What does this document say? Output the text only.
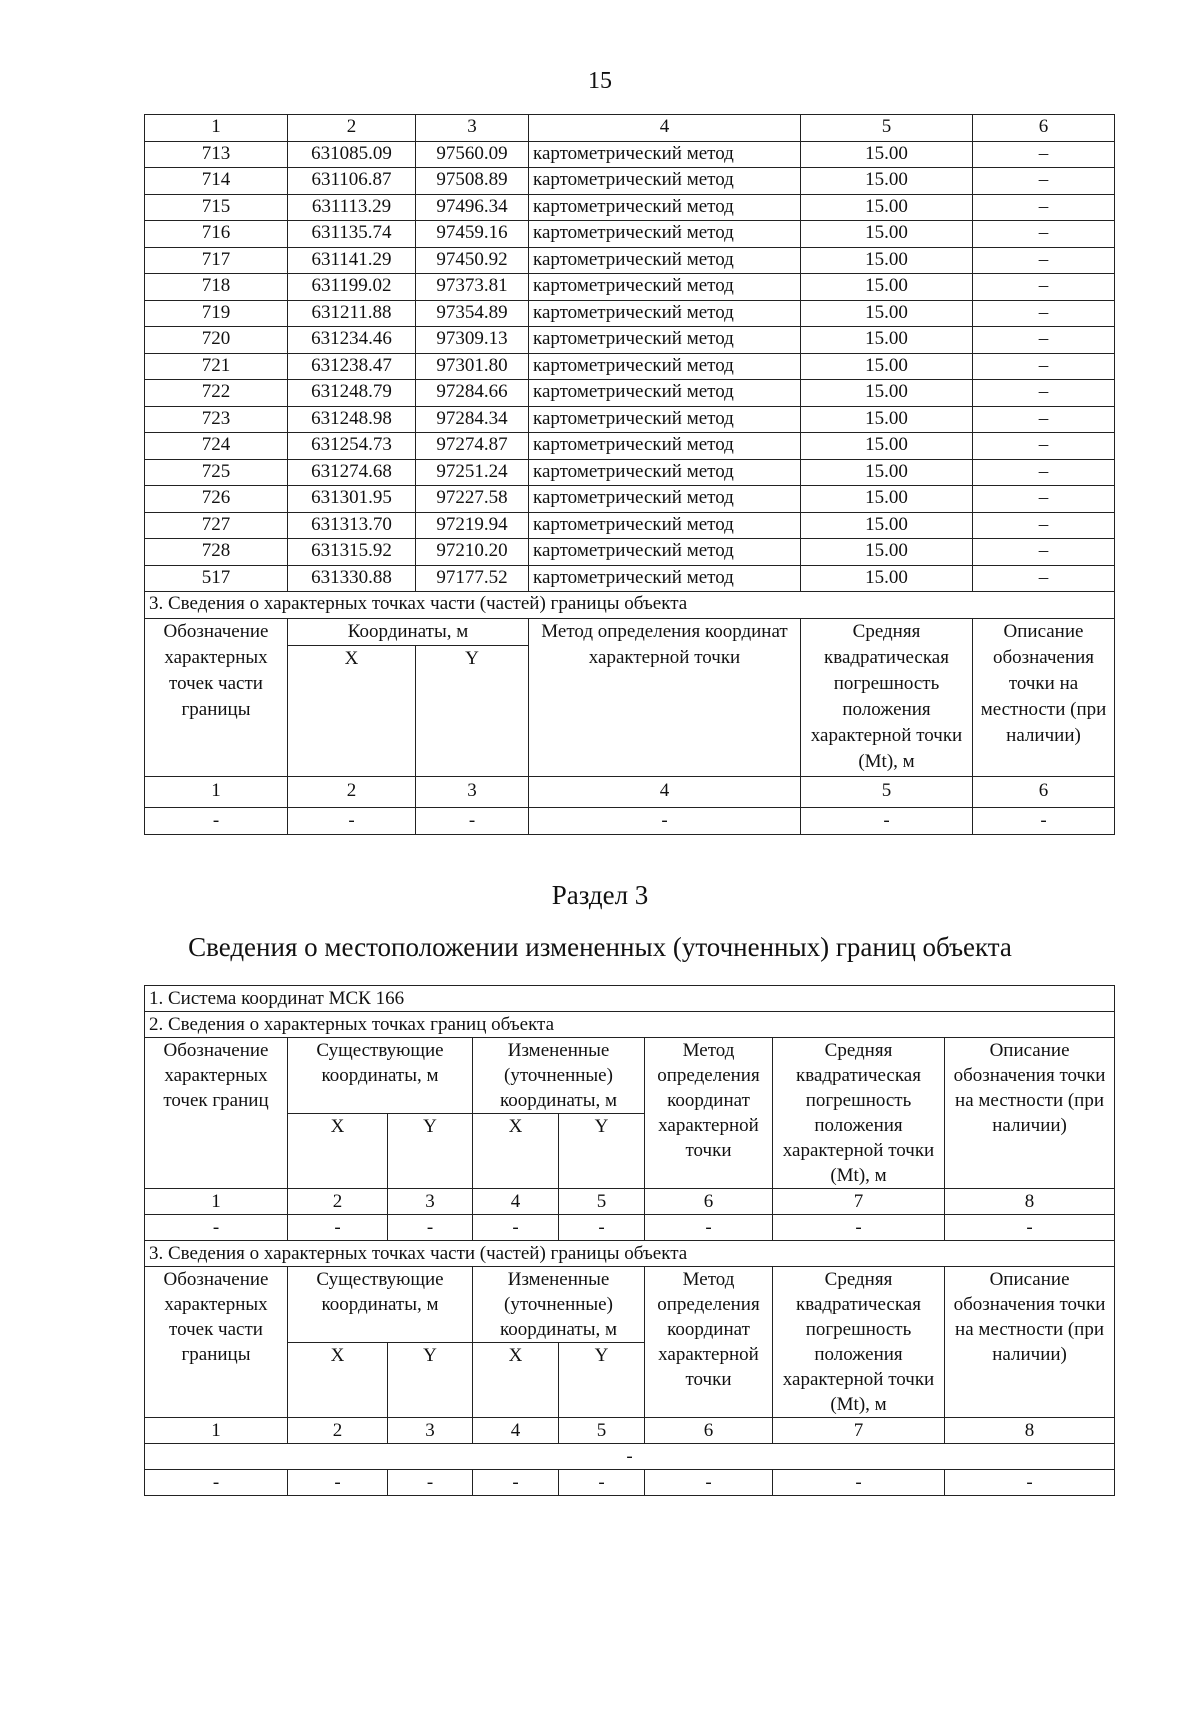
15
1	2	3	4	5	6
713	631085.09	97560.09	картометрический метод	15.00	–
714	631106.87	97508.89	картометрический метод	15.00	–
715	631113.29	97496.34	картометрический метод	15.00	–
716	631135.74	97459.16	картометрический метод	15.00	–
717	631141.29	97450.92	картометрический метод	15.00	–
718	631199.02	97373.81	картометрический метод	15.00	–
719	631211.88	97354.89	картометрический метод	15.00	–
720	631234.46	97309.13	картометрический метод	15.00	–
721	631238.47	97301.80	картометрический метод	15.00	–
722	631248.79	97284.66	картометрический метод	15.00	–
723	631248.98	97284.34	картометрический метод	15.00	–
724	631254.73	97274.87	картометрический метод	15.00	–
725	631274.68	97251.24	картометрический метод	15.00	–
726	631301.95	97227.58	картометрический метод	15.00	–
727	631313.70	97219.94	картометрический метод	15.00	–
728	631315.92	97210.20	картометрический метод	15.00	–
517	631330.88	97177.52	картометрический метод	15.00	–
3. Сведения о характерных точках части (частей) границы объекта					
Обозначение характерных точек части границы	Координаты, м		Метод определения координат характерной точки	Средняя квадратическая погрешность положения характерной точки (Mt), м	Описание обозначения точки на местности (при наличии)
	X	Y			
1	2	3	4	5	6
-	-	-	-	-	-
Раздел 3
Сведения о местоположении измененных (уточненных) границ объекта
1. Система координат МСК 166							
2. Сведения о характерных точках границ объекта							
Обозначение характерных точек границ	Существующие координаты, м		Измененные (уточненные) координаты, м		Метод определения координат характерной точки	Средняя квадратическая погрешность положения характерной точки (Mt), м	Описание обозначения точки на местности (при наличии)
	X	Y	X	Y			
1	2	3	4	5	6	7	8
-	-	-	-	-	-	-	-
3. Сведения о характерных точках части (частей) границы объекта							
Обозначение характерных точек части границы	Существующие координаты, м		Измененные (уточненные) координаты, м		Метод определения координат характерной точки	Средняя квадратическая погрешность положения характерной точки (Mt), м	Описание обозначения точки на местности (при наличии)
	X	Y	X	Y			
1	2	3	4	5	6	7	8
-							
-	-	-	-	-	-	-	-
